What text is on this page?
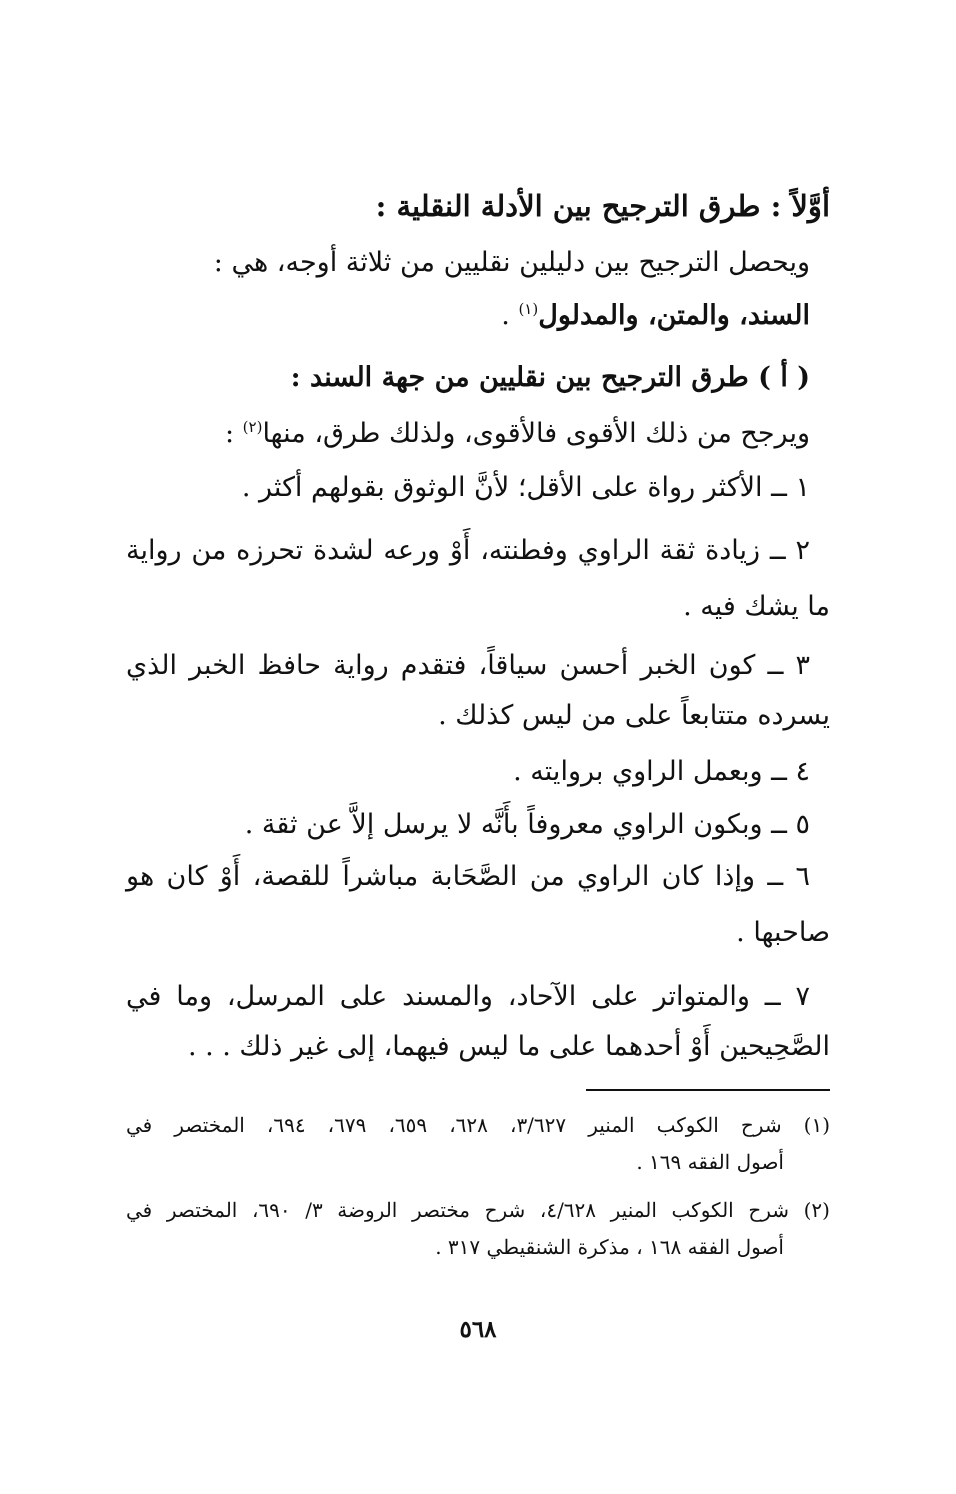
أوَّلاً : طرق الترجيح بين الأدلة النقلية :
ويحصل الترجيح بين دليلين نقليين من ثلاثة أوجه، هي :
السند، والمتن، والمدلول$^{(١)}$ .
( أ ) طرق الترجيح بين نقليين من جهة السند :
ويرجح من ذلك الأقوى فالأقوى، ولذلك طرق، منها$^{(٢)}$ :
١ ــ الأكثر رواة على الأقل؛ لأنَّ الوثوق بقولهم أكثر .
٢ ــ زيادة ثقة الراوي وفطنته، أَوْ ورعه لشدة تحرزه من رواية
ما يشك فيه .
٣ ــ كون الخبر أحسن سياقاً، فتقدم رواية حافظ الخبر الذي
يسرده متتابعاً على من ليس كذلك .
٤ ــ وبعمل الراوي بروايته .
٥ ــ وبكون الراوي معروفاً بأَنَّه لا يرسل إلاَّ عن ثقة .
٦ ــ وإذا كان الراوي من الصَّحَابة مباشراً للقصة، أَوْ كان هو
صاحبها .
٧ ــ والمتواتر على الآحاد، والمسند على المرسل، وما في
الصَّحِيحين أَوْ أحدهما على ما ليس فيهما، إلى غير ذلك . . .
(١) شرح الكوكب المنير ٣/٦٢٧، ٦٢٨، ٦٥٩، ٦٧٩، ٦٩٤، المختصر في
أصول الفقه ١٦٩ .
(٢) شرح الكوكب المنير ٤/٦٢٨، شرح مختصر الروضة ٣/ ٦٩٠، المختصر في
أصول الفقه ١٦٨ ، مذكرة الشنقيطي ٣١٧ .
٥٦٨
